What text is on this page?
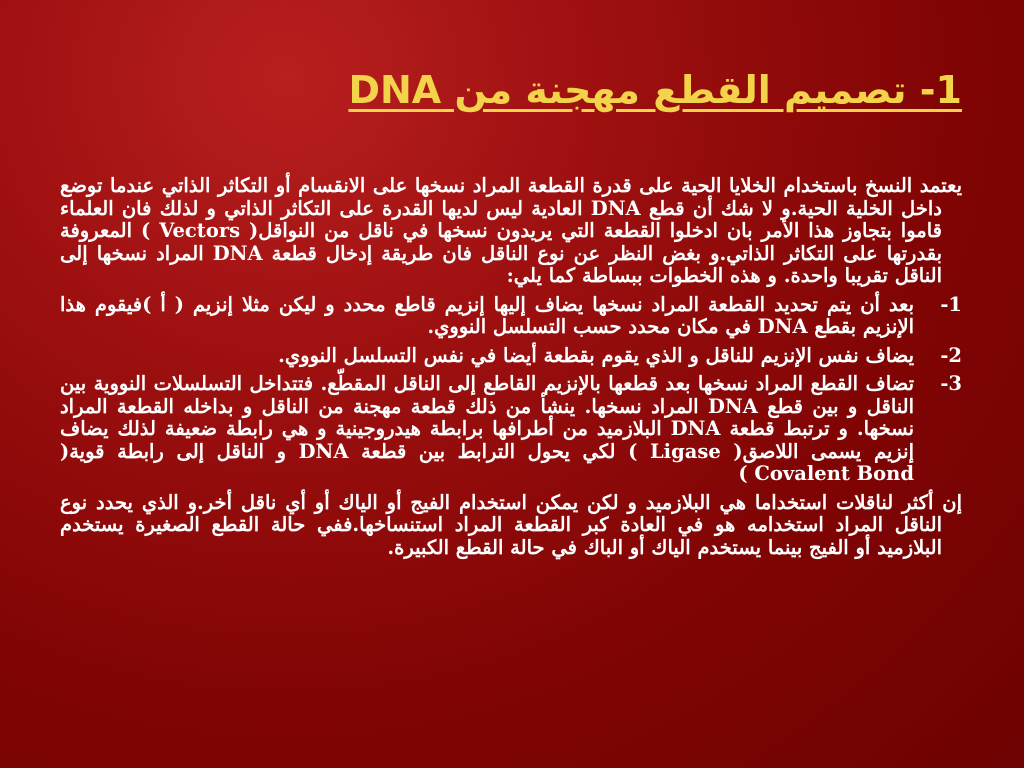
1- تصميم القطع مهجنة من DNA

يعتمد النسخ باستخدام الخلايا الحية على قدرة القطعة المراد نسخها على الانقسام أو التكاثر الذاتي عندما توضع داخل الخلية الحية.و لا شك أن قطع DNA العادية ليس لديها القدرة على التكاثر الذاتي و لذلك فان العلماء قاموا بتجاوز هذا الأمر بان ادخلوا القطعة التي يريدون نسخها في ناقل من النواقل( Vectors ) المعروفة بقدرتها على التكاثر الذاتي.و بغض النظر عن نوع الناقل فان طريقة إدخال قطعة DNA المراد نسخها إلى الناقل تقريبا واحدة. و هذه الخطوات ببساطة كما يلي:

1-
بعد أن يتم تحديد القطعة المراد نسخها يضاف إليها إنزيم قاطع محدد و ليكن مثلا إنزيم ( أ )فيقوم هذا الإنزيم بقطع DNA في مكان محدد حسب التسلسل النووي.
2-
يضاف نفس الإنزيم للناقل و الذي يقوم بقطعة أيضا في نفس التسلسل النووي.
3-
تضاف القطع المراد نسخها بعد قطعها بالإنزيم القاطع إلى الناقل المقطّع. فتتداخل التسلسلات النووية بين الناقل و بين قطع DNA المراد نسخها. ينشأ من ذلك قطعة مهجنة من الناقل و بداخله القطعة المراد نسخها. و ترتبط قطعة DNA البلازميد من أطرافها برابطة هيدروجينية و هي رابطة ضعيفة لذلك يضاف إنزيم يسمى اللاصق( Ligase ) لكي يحول الترابط بين قطعة DNA و الناقل إلى رابطة قوية( Covalent Bond )

إن أكثر لناقلات استخداما هي البلازميد و لكن يمكن استخدام الفيج أو الياك أو أي ناقل أخر.و الذي يحدد نوع الناقل المراد استخدامه هو في العادة كبر القطعة المراد استنساخها.ففي حالة القطع الصغيرة يستخدم البلازميد أو الفيج بينما يستخدم الياك أو الباك في حالة القطع الكبيرة.
